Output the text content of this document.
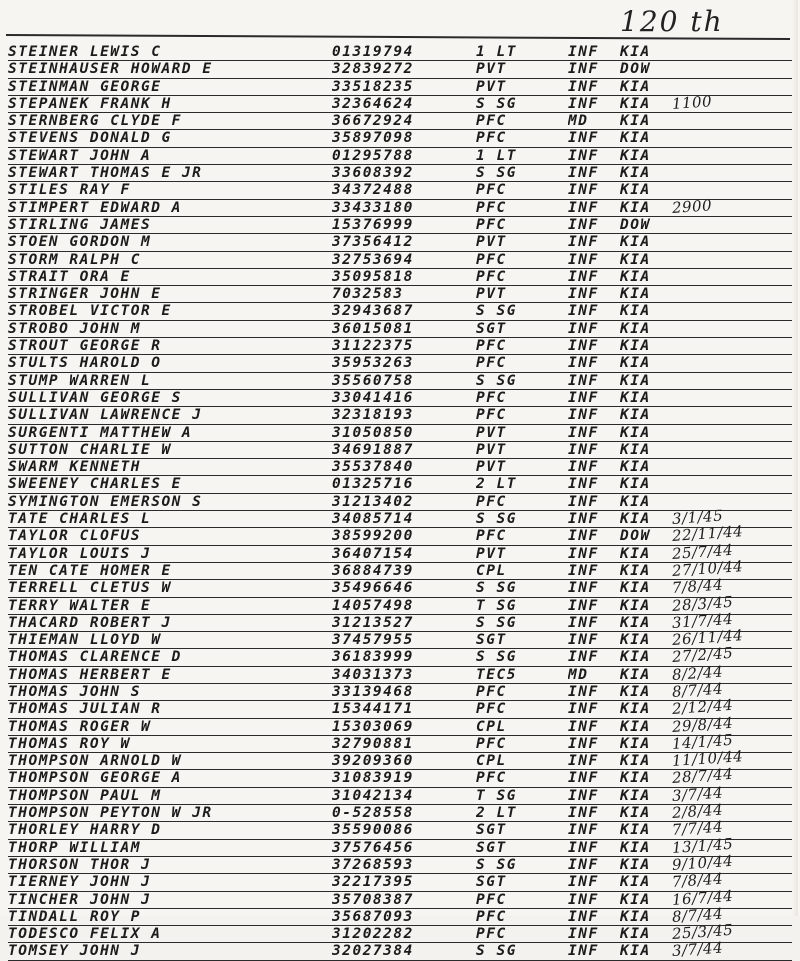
120 th
STEINER LEWIS C	01319794	1 LT	INF	KIA
STEINHAUSER HOWARD E	32839272	PVT	INF	DOW
STEINMAN GEORGE	33518235	PVT	INF	KIA
STEPANEK FRANK H	32364624	S SG	INF	KIA	1100
STERNBERG CLYDE F	36672924	PFC	MD	KIA
STEVENS DONALD G	35897098	PFC	INF	KIA
STEWART JOHN A	01295788	1 LT	INF	KIA
STEWART THOMAS E JR	33608392	S SG	INF	KIA
STILES RAY F	34372488	PFC	INF	KIA
STIMPERT EDWARD A	33433180	PFC	INF	KIA	2900
STIRLING JAMES	15376999	PFC	INF	DOW
STOEN GORDON M	37356412	PVT	INF	KIA
STORM RALPH C	32753694	PFC	INF	KIA
STRAIT ORA E	35095818	PFC	INF	KIA
STRINGER JOHN E	7032583	PVT	INF	KIA
STROBEL VICTOR E	32943687	S SG	INF	KIA
STROBO JOHN M	36015081	SGT	INF	KIA
STROUT GEORGE R	31122375	PFC	INF	KIA
STULTS HAROLD O	35953263	PFC	INF	KIA
STUMP WARREN L	35560758	S SG	INF	KIA
SULLIVAN GEORGE S	33041416	PFC	INF	KIA
SULLIVAN LAWRENCE J	32318193	PFC	INF	KIA
SURGENTI MATTHEW A	31050850	PVT	INF	KIA
SUTTON CHARLIE W	34691887	PVT	INF	KIA
SWARM KENNETH	35537840	PVT	INF	KIA
SWEENEY CHARLES E	01325716	2 LT	INF	KIA
SYMINGTON EMERSON S	31213402	PFC	INF	KIA
TATE CHARLES L	34085714	S SG	INF	KIA	3/1/45
TAYLOR CLOFUS	38599200	PFC	INF	DOW	22/11/44
TAYLOR LOUIS J	36407154	PVT	INF	KIA	25/7/44
TEN CATE HOMER E	36884739	CPL	INF	KIA	27/10/44
TERRELL CLETUS W	35496646	S SG	INF	KIA	7/8/44
TERRY WALTER E	14057498	T SG	INF	KIA	28/3/45
THACARD ROBERT J	31213527	S SG	INF	KIA	31/7/44
THIEMAN LLOYD W	37457955	SGT	INF	KIA	26/11/44
THOMAS CLARENCE D	36183999	S SG	INF	KIA	27/2/45
THOMAS HERBERT E	34031373	TEC5	MD	KIA	8/2/44
THOMAS JOHN S	33139468	PFC	INF	KIA	8/7/44
THOMAS JULIAN R	15344171	PFC	INF	KIA	2/12/44
THOMAS ROGER W	15303069	CPL	INF	KIA	29/8/44
THOMAS ROY W	32790881	PFC	INF	KIA	14/1/45
THOMPSON ARNOLD W	39209360	CPL	INF	KIA	11/10/44
THOMPSON GEORGE A	31083919	PFC	INF	KIA	28/7/44
THOMPSON PAUL M	31042134	T SG	INF	KIA	3/7/44
THOMPSON PEYTON W JR	0-528558	2 LT	INF	KIA	2/8/44
THORLEY HARRY D	35590086	SGT	INF	KIA	7/7/44
THORP WILLIAM	37576456	SGT	INF	KIA	13/1/45
THORSON THOR J	37268593	S SG	INF	KIA	9/10/44
TIERNEY JOHN J	32217395	SGT	INF	KIA	7/8/44
TINCHER JOHN J	35708387	PFC	INF	KIA	16/7/44
TINDALL ROY P	35687093	PFC	INF	KIA	8/7/44
TODESCO FELIX A	31202282	PFC	INF	KIA	25/3/45
TOMSEY JOHN J	32027384	S SG	INF	KIA	3/7/44
